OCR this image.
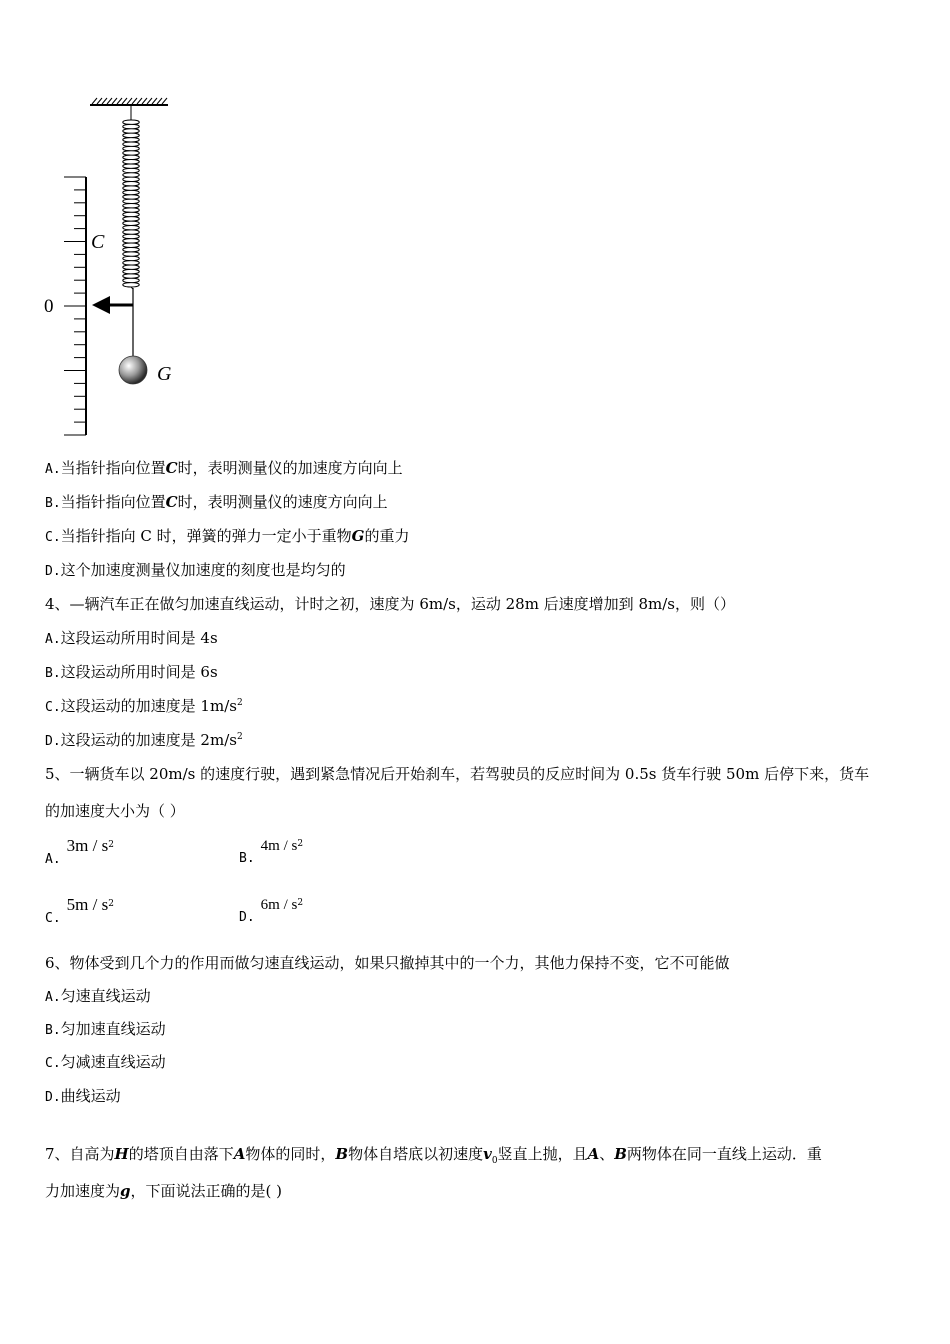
C
0
G
A.当指针指向位置C时，表明测量仪的加速度方向向上
B.当指针指向位置C时，表明测量仪的速度方向向上
C.当指针指向 C 时，弹簧的弹力一定小于重物G的重力
D.这个加速度测量仪加速度的刻度也是均匀的
4、—辆汽车正在做匀加速直线运动，计时之初，速度为 6m/s，运动 28m 后速度增加到 8m/s，则（）
A.这段运动所用时间是 4s
B.这段运动所用时间是 6s
C.这段运动的加速度是 $1m/s^2$
D.这段运动的加速度是 $2m/s^2$
5、一辆货车以 20m/s 的速度行驶，遇到紧急情况后开始刹车，若驾驶员的反应时间为 0.5s 货车行驶 50m 后停下来，货车
的加速度大小为（ ）
$A.3m / s^2$
$B.4m / s^2$
$C.5m / s^2$
$D.6m / s^2$
6、物体受到几个力的作用而做匀速直线运动，如果只撤掉其中的一个力，其他力保持不变，它不可能做
A.匀速直线运动
B.匀加速直线运动
C.匀减速直线运动
D.曲线运动
7、自高为H的塔顶自由落下A物体的同时，B物体自塔底以初速度$v_0$竖直上抛，且A、B两物体在同一直线上运动．重
力加速度为g，下面说法正确的是( )
